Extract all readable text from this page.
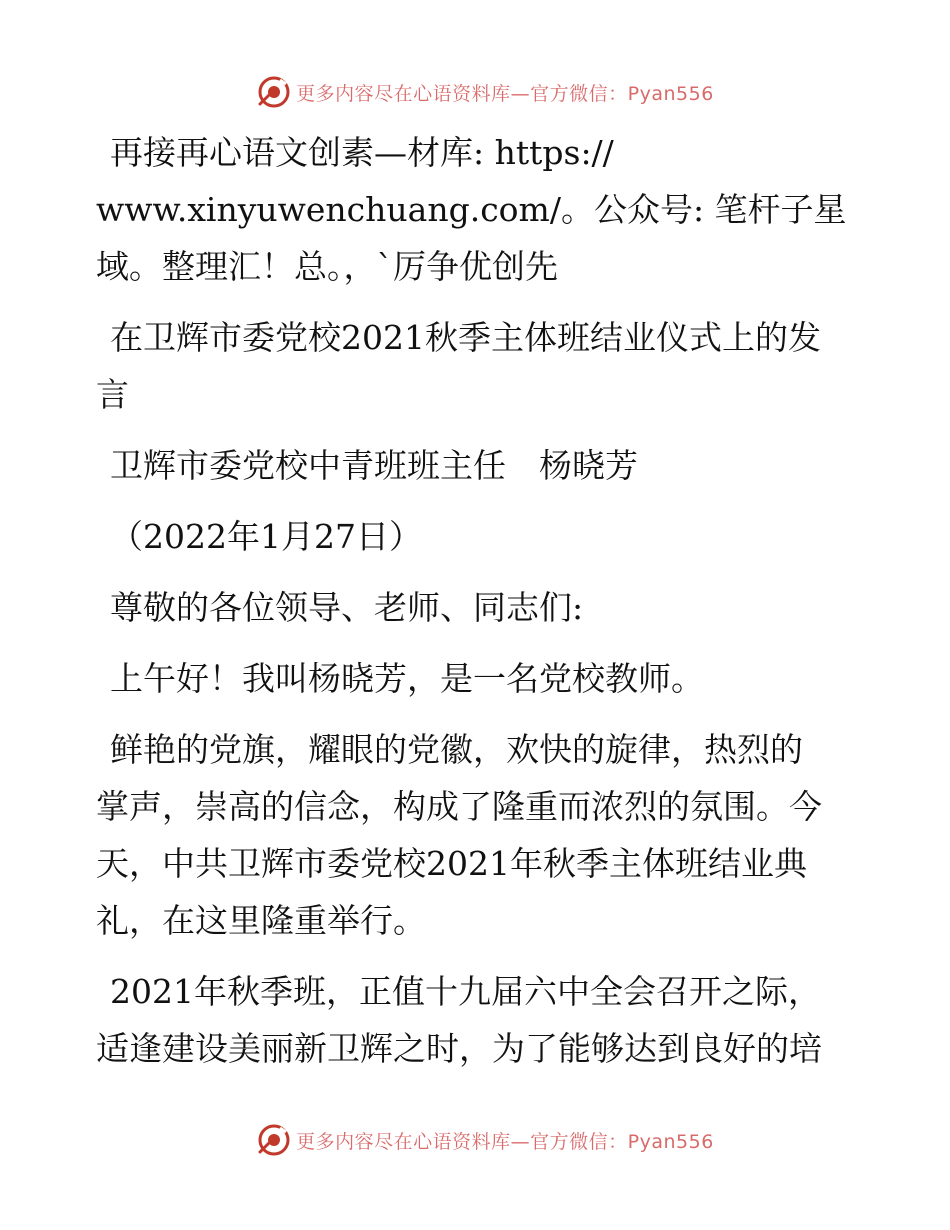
更多内容尽在心语资料库—官方微信：Pyan556
再接再心语文创素—材库: https://
www.xinyuwenchuang.com/。公众号: 笔杆子星
域。整理汇！总。，`厉争优创先
在卫辉市委党校2021秋季主体班结业仪式上的发
言
卫辉市委党校中青班班主任　杨晓芳
（2022年1月27日）
尊敬的各位领导、老师、同志们:
上午好！我叫杨晓芳，是一名党校教师。
鲜艳的党旗，耀眼的党徽，欢快的旋律，热烈的
掌声，崇高的信念，构成了隆重而浓烈的氛围。今
天，中共卫辉市委党校2021年秋季主体班结业典
礼，在这里隆重举行。
2021年秋季班，正值十九届六中全会召开之际，
适逢建设美丽新卫辉之时，为了能够达到良好的培
更多内容尽在心语资料库—官方微信：Pyan556
